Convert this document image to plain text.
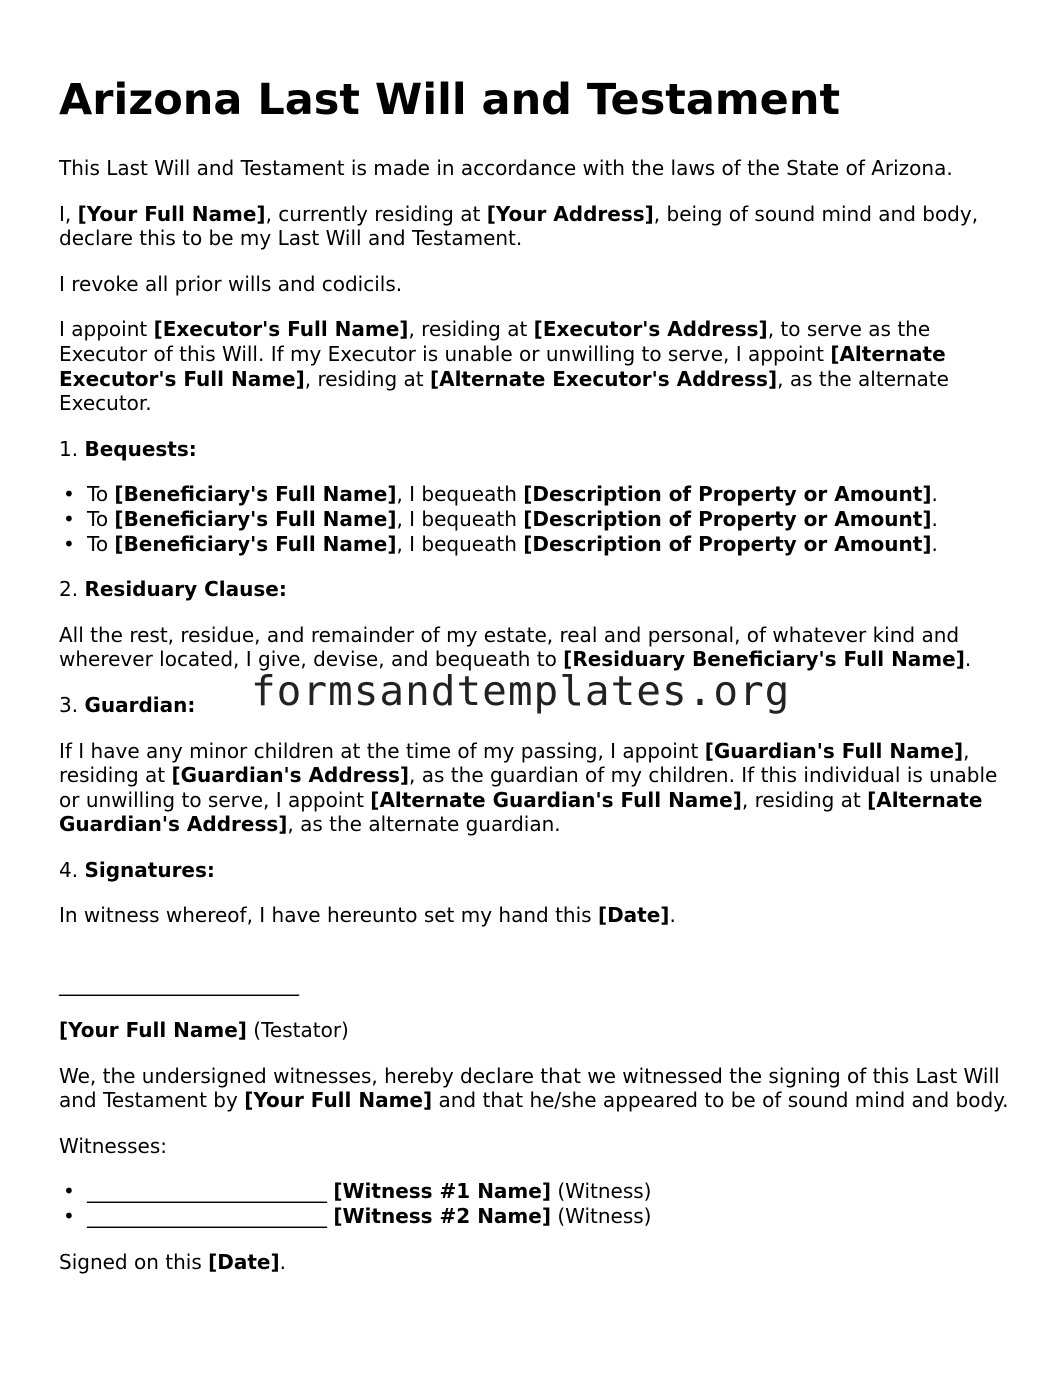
Arizona Last Will and Testament

This Last Will and Testament is made in accordance with the laws of the State of Arizona.

I, [Your Full Name], currently residing at [Your Address], being of sound mind and body, declare this to be my Last Will and Testament.

I revoke all prior wills and codicils.

I appoint [Executor's Full Name], residing at [Executor's Address], to serve as the Executor of this Will. If my Executor is unable or unwilling to serve, I appoint [Alternate Executor's Full Name], residing at [Alternate Executor's Address], as the alternate Executor.

1. Bequests:

• To [Beneficiary's Full Name], I bequeath [Description of Property or Amount].
• To [Beneficiary's Full Name], I bequeath [Description of Property or Amount].
• To [Beneficiary's Full Name], I bequeath [Description of Property or Amount].

2. Residuary Clause:

All the rest, residue, and remainder of my estate, real and personal, of whatever kind and wherever located, I give, devise, and bequeath to [Residuary Beneficiary's Full Name].

3. Guardian:

If I have any minor children at the time of my passing, I appoint [Guardian's Full Name], residing at [Guardian's Address], as the guardian of my children. If this individual is unable or unwilling to serve, I appoint [Alternate Guardian's Full Name], residing at [Alternate Guardian's Address], as the alternate guardian.

4. Signatures:

In witness whereof, I have hereunto set my hand this [Date].

________________________

[Your Full Name] (Testator)

We, the undersigned witnesses, hereby declare that we witnessed the signing of this Last Will and Testament by [Your Full Name] and that he/she appeared to be of sound mind and body.

Witnesses:

• ________________________ [Witness #1 Name] (Witness)
• ________________________ [Witness #2 Name] (Witness)

Signed on this [Date].

formsandtemplates.org
